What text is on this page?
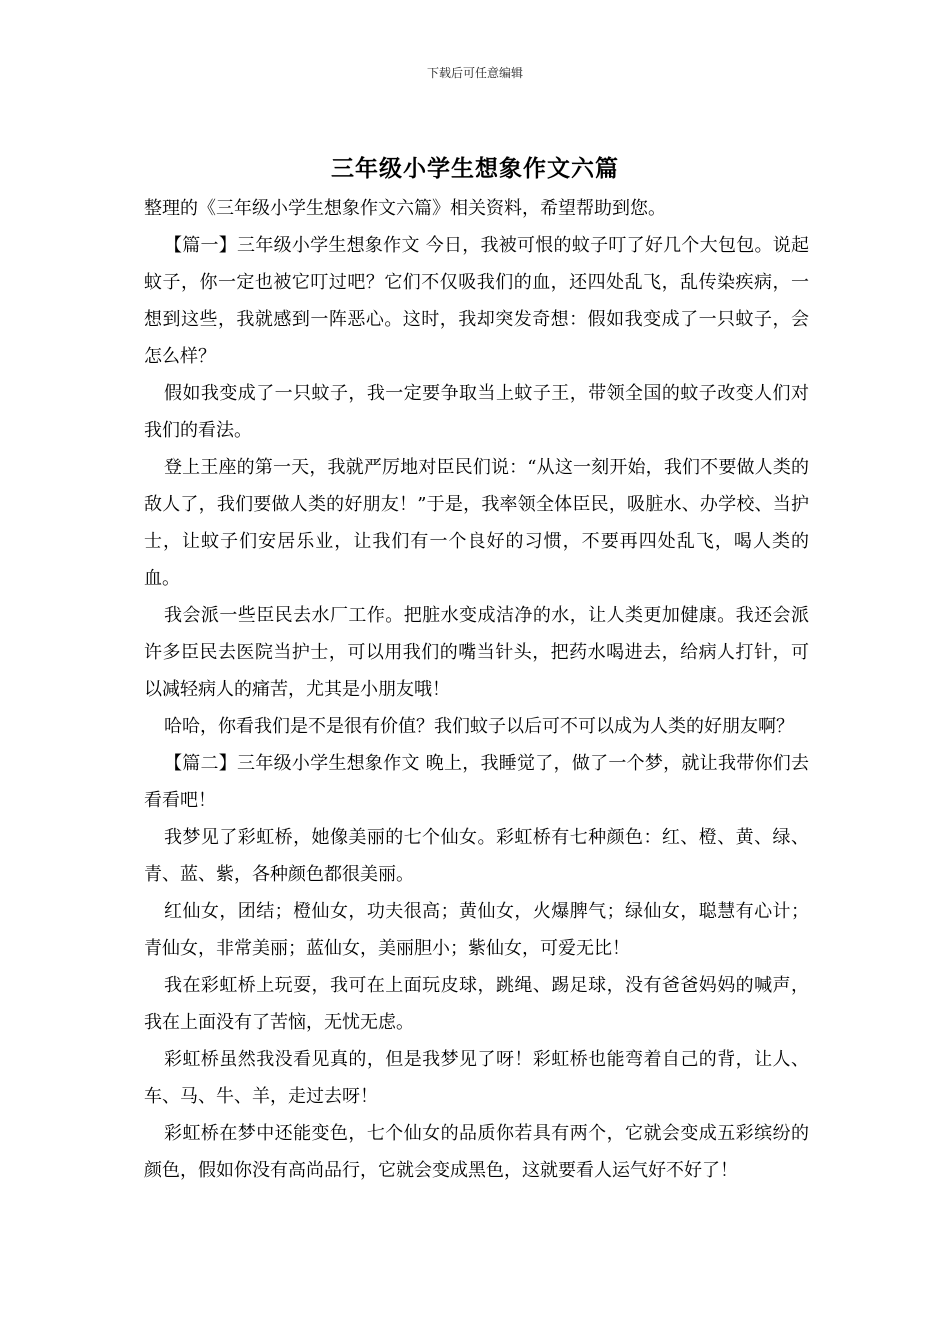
下载后可任意编辑
三年级小学生想象作文六篇

整理的《三年级小学生想象作文六篇》相关资料，希望帮助到您。

【篇一】三年级小学生想象作文 今日，我被可恨的蚊子叮了好几个大包包。说起蚊子，你一定也被它叮过吧？它们不仅吸我们的血，还四处乱飞，乱传染疾病，一想到这些，我就感到一阵恶心。这时，我却突发奇想：假如我变成了一只蚊子，会怎么样？

假如我变成了一只蚊子，我一定要争取当上蚊子王，带领全国的蚊子改变人们对我们的看法。

登上王座的第一天，我就严厉地对臣民们说：“从这一刻开始，我们不要做人类的敌人了，我们要做人类的好朋友！”于是，我率领全体臣民，吸脏水、办学校、当护士，让蚊子们安居乐业，让我们有一个良好的习惯，不要再四处乱飞，喝人类的血。

我会派一些臣民去水厂工作。把脏水变成洁净的水，让人类更加健康。我还会派许多臣民去医院当护士，可以用我们的嘴当针头，把药水喝进去，给病人打针，可以减轻病人的痛苦，尤其是小朋友哦！

哈哈，你看我们是不是很有价值？我们蚊子以后可不可以成为人类的好朋友啊？

【篇二】三年级小学生想象作文 晚上，我睡觉了，做了一个梦，就让我带你们去看看吧！

我梦见了彩虹桥，她像美丽的七个仙女。彩虹桥有七种颜色：红、橙、黄、绿、青、蓝、紫，各种颜色都很美丽。

红仙女，团结；橙仙女，功夫很高；黄仙女，火爆脾气；绿仙女，聪慧有心计；青仙女，非常美丽；蓝仙女，美丽胆小；紫仙女，可爱无比！

我在彩虹桥上玩耍，我可在上面玩皮球，跳绳、踢足球，没有爸爸妈妈的喊声，我在上面没有了苦恼，无忧无虑。

彩虹桥虽然我没看见真的，但是我梦见了呀！彩虹桥也能弯着自己的背，让人、车、马、牛、羊，走过去呀！

彩虹桥在梦中还能变色，七个仙女的品质你若具有两个，它就会变成五彩缤纷的颜色，假如你没有高尚品行，它就会变成黑色，这就要看人运气好不好了！
